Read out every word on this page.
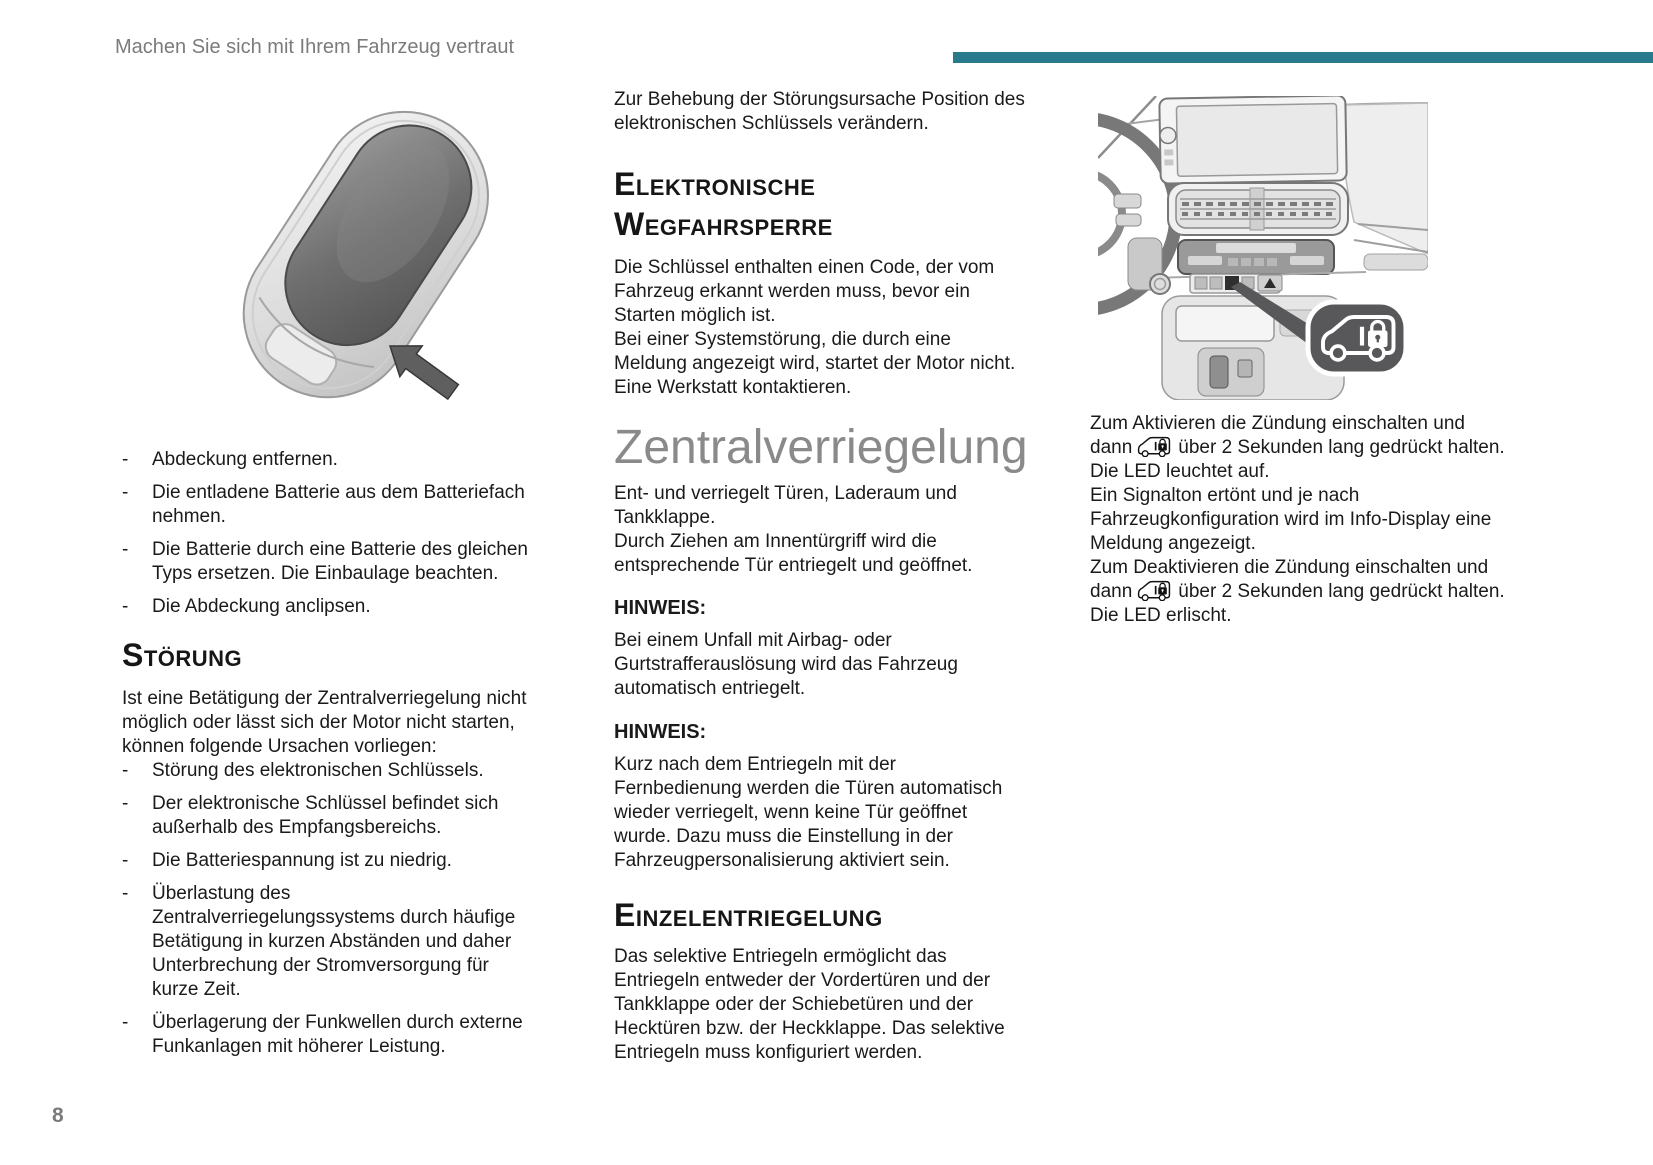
Machen Sie sich mit Ihrem Fahrzeug vertraut
- Abdeckung entfernen.
- Die entladene Batterie aus dem Batteriefach nehmen.
- Die Batterie durch eine Batterie des gleichen Typs ersetzen. Die Einbaulage beachten.
- Die Abdeckung anclipsen.
Störung

Ist eine Betätigung der Zentralverriegelung nicht möglich oder lässt sich der Motor nicht starten, können folgende Ursachen vorliegen:

- Störung des elektronischen Schlüssels.
- Der elektronische Schlüssel befindet sich außerhalb des Empfangsbereichs.
- Die Batteriespannung ist zu niedrig.
- Überlastung des Zentralverriegelungssystems durch häufige Betätigung in kurzen Abständen und daher Unterbrechung der Stromversorgung für kurze Zeit.
- Überlagerung der Funkwellen durch externe Funkanlagen mit höherer Leistung.

Zur Behebung der Störungsursache Position des elektronischen Schlüssels verändern.

Elektronische Wegfahrsperre
Die Schlüssel enthalten einen Code, der vom Fahrzeug erkannt werden muss, bevor ein Starten möglich ist.
Bei einer Systemstörung, die durch eine Meldung angezeigt wird, startet der Motor nicht.
Eine Werkstatt kontaktieren.
Zentralverriegelung
Ent- und verriegelt Türen, Laderaum und Tankklappe.
Durch Ziehen am Innentürgriff wird die entsprechende Tür entriegelt und geöffnet.

HINWEIS:

Bei einem Unfall mit Airbag- oder Gurtstrafferauslösung wird das Fahrzeug automatisch entriegelt.

HINWEIS:

Kurz nach dem Entriegeln mit der Fernbedienung werden die Türen automatisch wieder verriegelt, wenn keine Tür geöffnet wurde. Dazu muss die Einstellung in der Fahrzeugpersonalisierung aktiviert sein.

Einzelentriegelung

Das selektive Entriegeln ermöglicht das Entriegeln entweder der Vordertüren und der Tankklappe oder der Schiebetüren und der Hecktüren bzw. der Heckklappe. Das selektive Entriegeln muss konfiguriert werden.

Zum Aktivieren die Zündung einschalten und dann über 2 Sekunden lang gedrückt halten. Die LED leuchtet auf.

Ein Signalton ertönt und je nach Fahrzeugkonfiguration wird im Info-Display eine Meldung angezeigt.

Zum Deaktivieren die Zündung einschalten und dann über 2 Sekunden lang gedrückt halten. Die LED erlischt.

8
